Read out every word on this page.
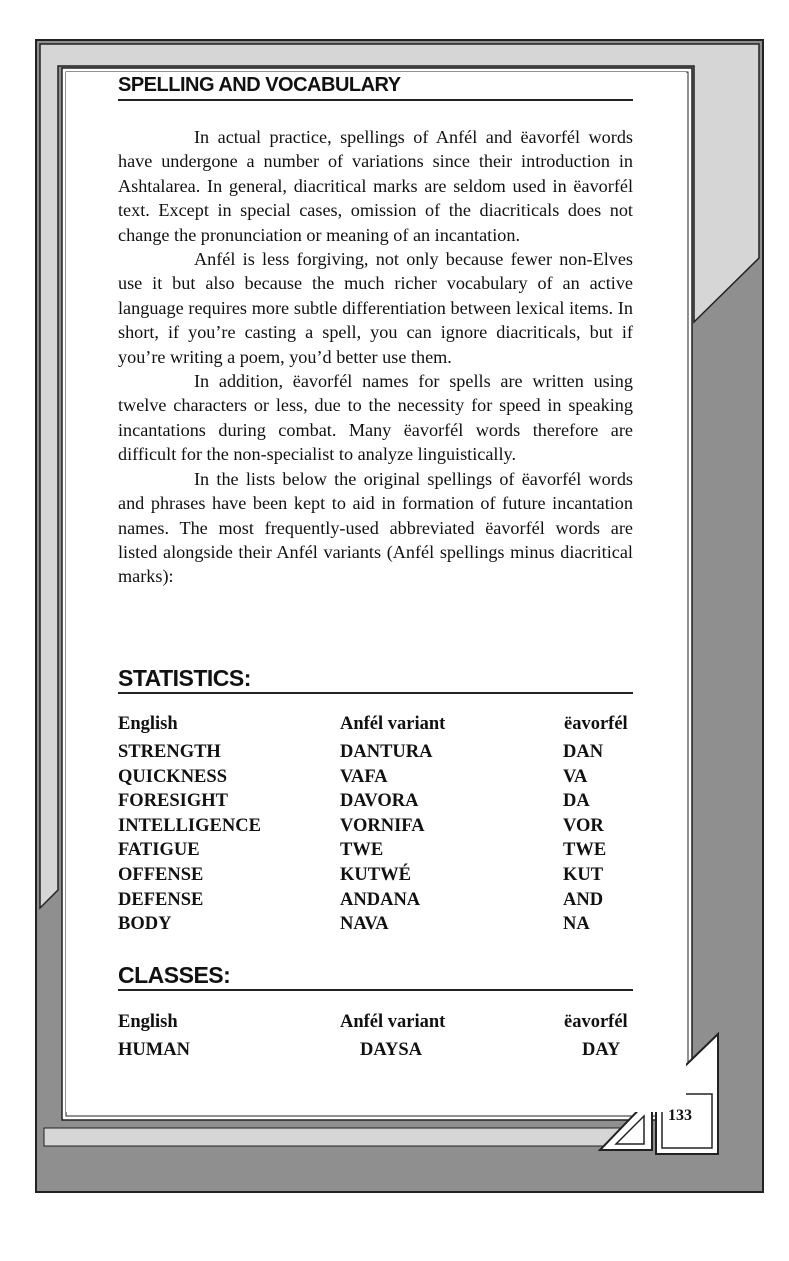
SPELLING AND VOCABULARY

In actual practice, spellings of Anfél and ëavorfél words have undergone a number of variations since their introduction in Ashtalarea. In general, diacritical marks are seldom used in ëavorfél text. Except in special cases, omission of the diacriticals does not change the pronunciation or meaning of an incantation.

Anfél is less forgiving, not only because fewer non-Elves use it but also because the much richer vocabulary of an active language requires more subtle differentiation between lexical items. In short, if you’re casting a spell, you can ignore diacriticals, but if you’re writing a poem, you’d better use them.

In addition, ëavorfél names for spells are written using twelve characters or less, due to the necessity for speed in speaking incantations during combat. Many ëavorfél words therefore are difficult for the non-specialist to analyze linguistically.

In the lists below the original spellings of ëavorfél words and phrases have been kept to aid in formation of future incantation names. The most frequently-used abbreviated ëavorfél words are listed alongside their Anfél variants (Anfél spellings minus diacritical marks):

STATISTICS:
English	Anfél variant	ëavorfél
STRENGTH	DANTURA	DAN
QUICKNESS	VAFA	VA
FORESIGHT	DAVORA	DA
INTELLIGENCE	VORNIFA	VOR
FATIGUE	TWE	TWE
OFFENSE	KUTWÉ	KUT
DEFENSE	ANDANA	AND
BODY	NAVA	NA
CLASSES:
English	Anfél variant	ëavorfél
HUMAN	DAYSA	DAY
133
